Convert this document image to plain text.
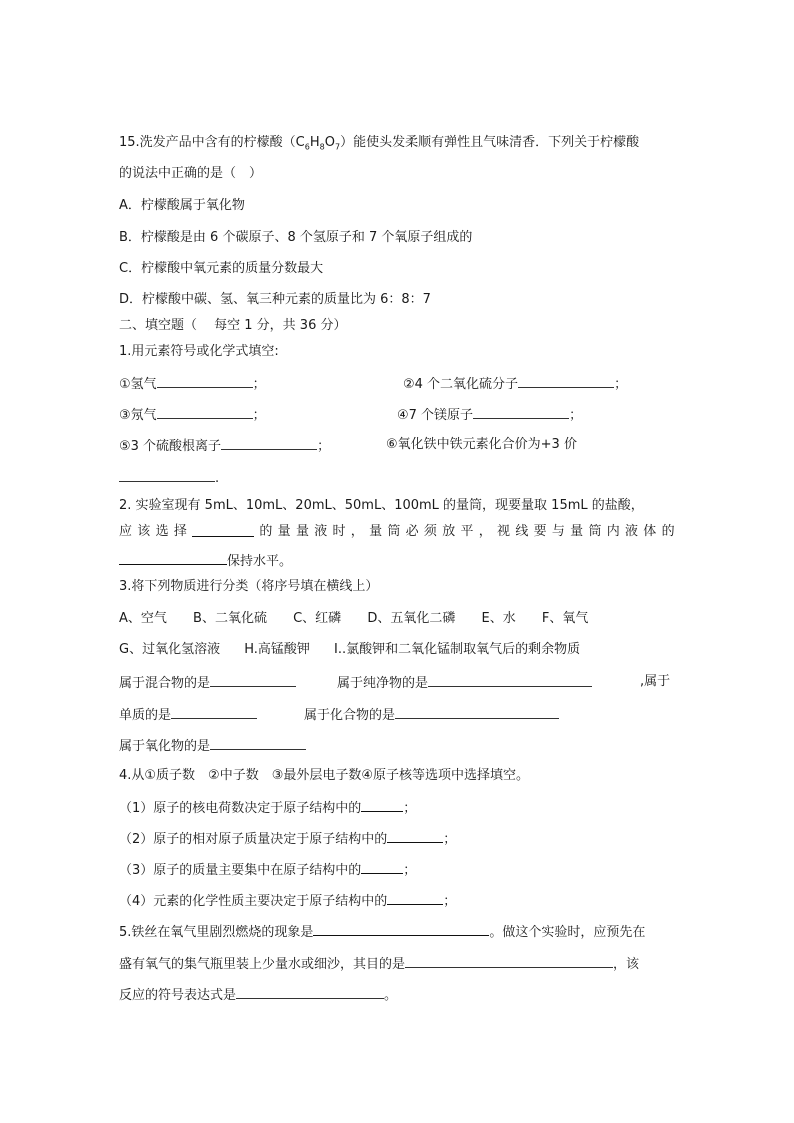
15.洗发产品中含有的柠檬酸$(C_6H_8O_7)$能使头发柔顺有弹性且气味清香．下列关于柠檬酸
的说法中正确的是（　）
A．柠檬酸属于氧化物
B．柠檬酸是由 6 个碳原子、8 个氢原子和 7 个氧原子组成的
C．柠檬酸中氧元素的质量分数最大
D．柠檬酸中碳、氢、氧三种元素的质量比为 6：8：7
二、填空题（　 每空 1 分，共 36 分）
1.用元素符号或化学式填空:
①氢气	；	②4 个二氧化硫分子	；
③氖气	；	④7 个镁原子	；
⑤3 个硫酸根离子	；	⑥氧化铁中铁元素化合价为+3 价
.
2. 实验室现有 5mL、10mL、20mL、50mL、100mL 的量筒，现要量取 15mL 的盐酸，
应 该 选 择	的 量 量 液 时 ， 量 筒 必 须 放 平 ， 视 线 要 与 量 筒 内 液 体 的
保持水平。
3.将下列物质进行分类（将序号填在横线上）
A、空气 B、二氧化硫 C、红磷 D、五氧化二磷 E、水 F、氧气
G、过氧化氢溶液 H.高锰酸钾 I..氯酸钾和二氧化锰制取氧气后的剩余物质
属于混合物的是	属于纯净物的是	,属于
单质的是	属于化合物的是
属于氧化物的是
4.从①质子数　②中子数　③最外层电子数④原子核等选项中选择填空。
（1）原子的核电荷数决定于原子结构中的	；
（2）原子的相对原子质量决定于原子结构中的	；
（3）原子的质量主要集中在原子结构中的	；
（4）元素的化学性质主要决定于原子结构中的	；
5.铁丝在氧气里剧烈燃烧的现象是	。做这个实验时，应预先在
盛有氧气的集气瓶里装上少量水或细沙，其目的是	，该
反应的符号表达式是	。
